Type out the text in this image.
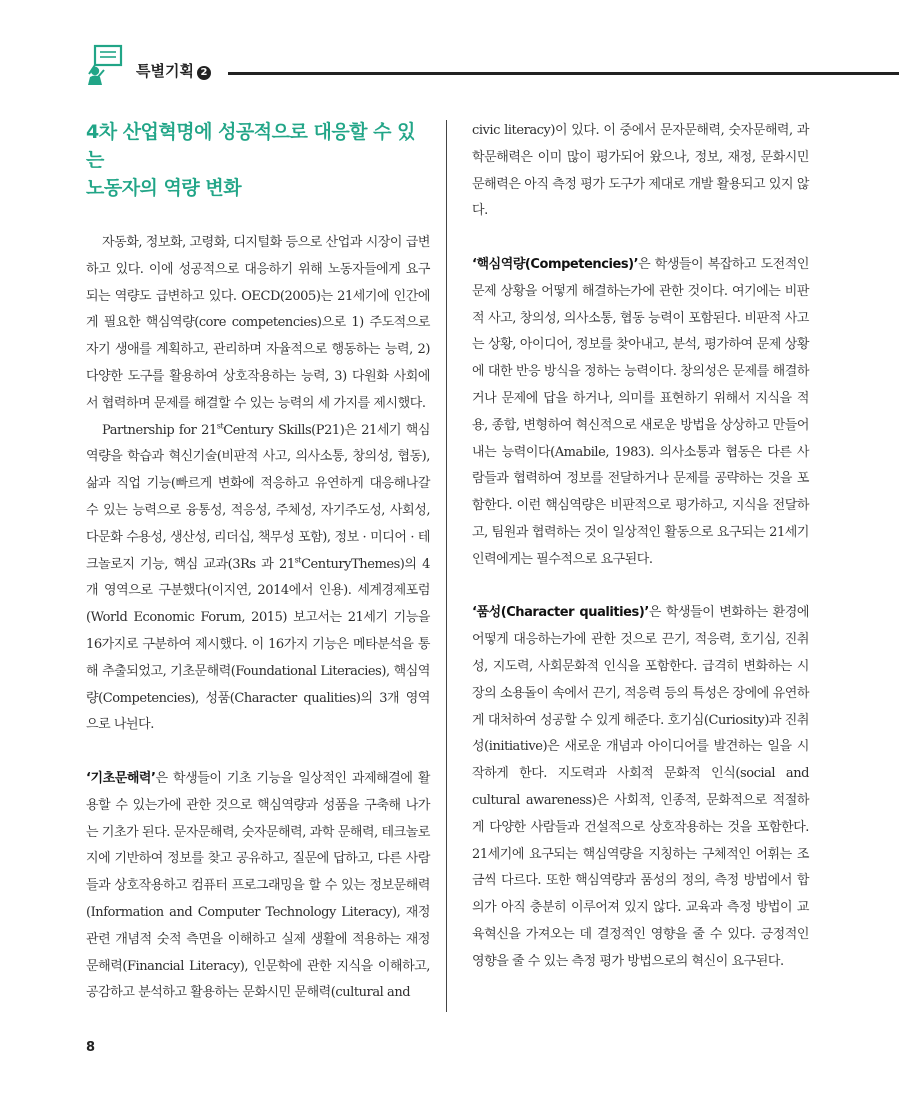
특별기획 2
4차 산업혁명에 성공적으로 대응할 수 있는
노동자의 역량 변화

자동화, 정보화, 고령화, 디지털화 등으로 산업과 시장이 급변하고 있다. 이에 성공적으로 대응하기 위해 노동자들에게 요구되는 역량도 급변하고 있다. OECD(2005)는 21세기에 인간에게 필요한 핵심역량(core competencies)으로 1) 주도적으로 자기 생애를 계획하고, 관리하며 자율적으로 행동하는 능력, 2) 다양한 도구를 활용하여 상호작용하는 능력, 3) 다원화 사회에서 협력하며 문제를 해결할 수 있는 능력의 세 가지를 제시했다.

Partnership for 21stCentury Skills(P21)은 21세기 핵심역량을 학습과 혁신기술(비판적 사고, 의사소통, 창의성, 협동), 삶과 직업 기능(빠르게 변화에 적응하고 유연하게 대응해나갈 수 있는 능력으로 융통성, 적응성, 주체성, 자기주도성, 사회성, 다문화 수용성, 생산성, 리더십, 책무성 포함), 정보 · 미디어 · 테크놀로지 기능, 핵심 교과(3Rs 과 21stCenturyThemes)의 4개 영역으로 구분했다(이지연, 2014에서 인용). 세계경제포럼(World Economic Forum, 2015) 보고서는 21세기 기능을 16가지로 구분하여 제시했다. 이 16가지 기능은 메타분석을 통해 추출되었고, 기초문해력(Foundational Literacies), 핵심역량(Competencies), 성품(Character qualities)의 3개 영역으로 나뉜다.

‘기초문해력’은 학생들이 기초 기능을 일상적인 과제해결에 활용할 수 있는가에 관한 것으로 핵심역량과 성품을 구축해 나가는 기초가 된다. 문자문해력, 숫자문해력, 과학 문해력, 테크놀로지에 기반하여 정보를 찾고 공유하고, 질문에 답하고, 다른 사람들과 상호작용하고 컴퓨터 프로그래밍을 할 수 있는 정보문해력(Information and Computer Technology Literacy), 재정 관련 개념적 숫적 측면을 이해하고 실제 생활에 적용하는 재정문해력(Financial Literacy), 인문학에 관한 지식을 이해하고, 공감하고 분석하고 활용하는 문화시민 문해력(cultural and

civic literacy)이 있다. 이 중에서 문자문해력, 숫자문해력, 과학문해력은 이미 많이 평가되어 왔으나, 정보, 재정, 문화시민 문해력은 아직 측정 평가 도구가 제대로 개발 활용되고 있지 않다.

‘핵심역량(Competencies)’은 학생들이 복잡하고 도전적인 문제 상황을 어떻게 해결하는가에 관한 것이다. 여기에는 비판적 사고, 창의성, 의사소통, 협동 능력이 포함된다. 비판적 사고는 상황, 아이디어, 정보를 찾아내고, 분석, 평가하여 문제 상황에 대한 반응 방식을 정하는 능력이다. 창의성은 문제를 해결하거나 문제에 답을 하거나, 의미를 표현하기 위해서 지식을 적용, 종합, 변형하여 혁신적으로 새로운 방법을 상상하고 만들어 내는 능력이다(Amabile, 1983). 의사소통과 협동은 다른 사람들과 협력하여 정보를 전달하거나 문제를 공략하는 것을 포함한다. 이런 핵심역량은 비판적으로 평가하고, 지식을 전달하고, 팀원과 협력하는 것이 일상적인 활동으로 요구되는 21세기 인력에게는 필수적으로 요구된다.

‘품성(Character qualities)’은 학생들이 변화하는 환경에 어떻게 대응하는가에 관한 것으로 끈기, 적응력, 호기심, 진취성, 지도력, 사회문화적 인식을 포함한다. 급격히 변화하는 시장의 소용돌이 속에서 끈기, 적응력 등의 특성은 장에에 유연하게 대처하여 성공할 수 있게 해준다. 호기심(Curiosity)과 진취성(initiative)은 새로운 개념과 아이디어를 발견하는 일을 시작하게 한다. 지도력과 사회적 문화적 인식(social and cultural awareness)은 사회적, 인종적, 문화적으로 적절하게 다양한 사람들과 건설적으로 상호작용하는 것을 포함한다. 21세기에 요구되는 핵심역량을 지칭하는 구체적인 어휘는 조금씩 다르다. 또한 핵심역량과 품성의 정의, 측정 방법에서 합의가 아직 충분히 이루어져 있지 않다. 교육과 측정 방법이 교육혁신을 가져오는 데 결정적인 영향을 줄 수 있다. 긍정적인 영향을 줄 수 있는 측정 평가 방법으로의 혁신이 요구된다.

8
